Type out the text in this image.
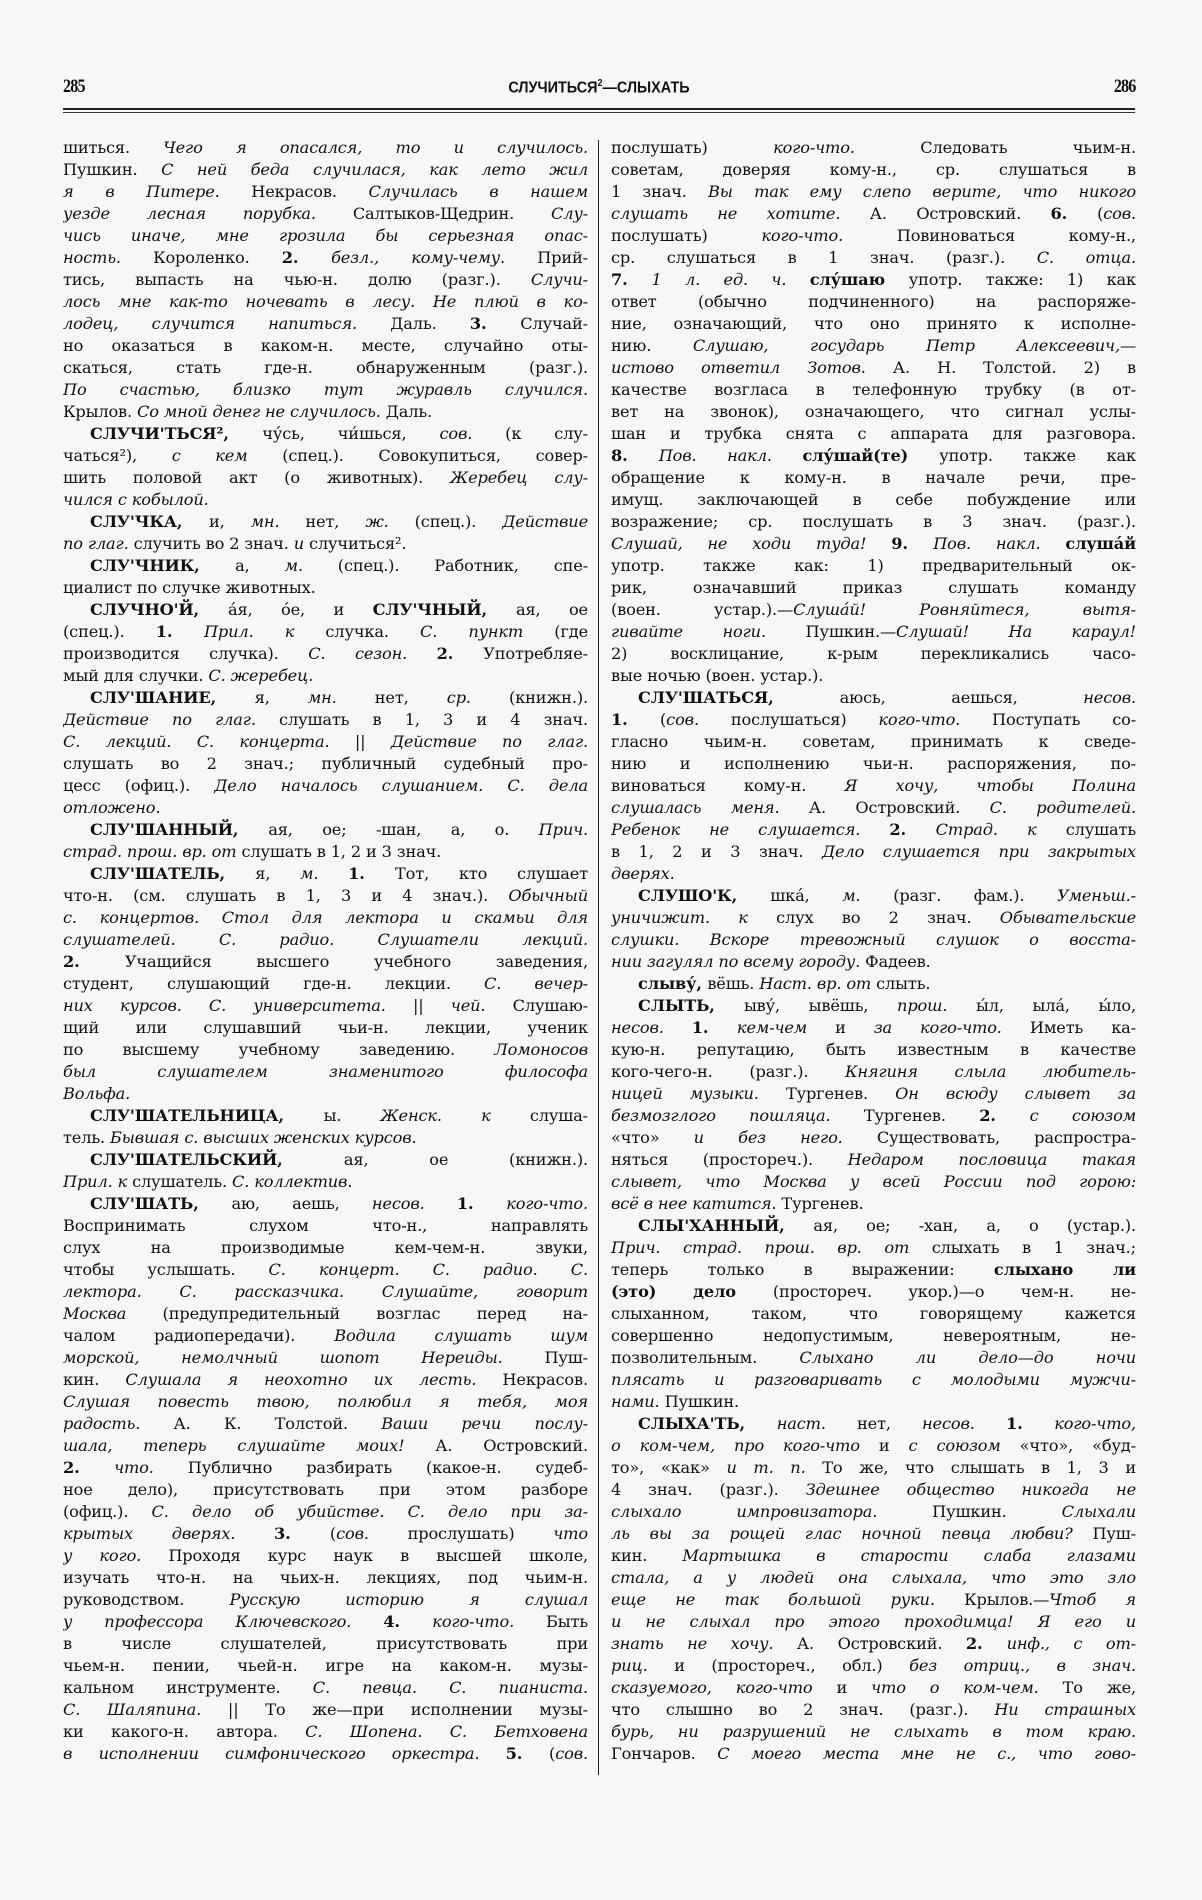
285	СЛУЧИТЬСЯ$^2$—СЛЫХАТЬ	286
шиться. Чего я опасался, то и случилось.
Пушкин. С ней беда случилася, как лето жил
я в Питере. Некрасов. Случилась в нашем
уезде лесная порубка. Салтыков-Щедрин. Слу-
чись иначе, мне грозила бы серьезная опас-
ность. Короленко. 2. безл., кому-чему. Прий-
тись, выпасть на чью-н. долю (разг.). Случи-
лось мне как-то ночевать в лесу. Не плюй в ко-
лодец, случится напиться. Даль. 3. Случай-
но оказаться в каком-н. месте, случайно оты-
скаться, стать где-н. обнаруженным (разг.).
По счастью, близко тут журавль случился.
Крылов. Со мной денег не случилось. Даль.
СЛУЧИ'ТЬСЯ², чу́сь, чи́шься, сов. (к слу-
чаться²), с кем (спец.). Совокупиться, совер-
шить половой акт (о животных). Жеребец слу-
чился с кобылой.
СЛУ'ЧКА, и, мн. нет, ж. (спец.). Действие
по глаг. случить во 2 знач. и случиться².
СЛУ'ЧНИК, а, м. (спец.). Работник, спе-
циалист по случке животных.
СЛУЧНО'Й, а́я, о́е, и СЛУ'ЧНЫЙ, ая, ое
(спец.). 1. Прил. к случка. С. пункт (где
производится случка). С. сезон. 2. Употребляе-
мый для случки. С. жеребец.
СЛУ'ШАНИЕ, я, мн. нет, ср. (книжн.).
Действие по глаг. слушать в 1, 3 и 4 знач.
С. лекций. С. концерта. || Действие по глаг.
слушать во 2 знач.; публичный судебный про-
цесс (офиц.). Дело началось слушанием. С. дела
отложено.
СЛУ'ШАННЫЙ, ая, ое; -шан, а, о. Прич.
страд. прош. вр. от слушать в 1, 2 и 3 знач.
СЛУ'ШАТЕЛЬ, я, м. 1. Тот, кто слушает
что-н. (см. слушать в 1, 3 и 4 знач.). Обычный
с. концертов. Стол для лектора и скамьи для
слушателей. С. радио. Слушатели лекций.
2. Учащийся высшего учебного заведения,
студент, слушающий где-н. лекции. С. вечер-
них курсов. С. университета. || чей. Слушаю-
щий или слушавший чьи-н. лекции, ученик
по высшему учебному заведению. Ломоносов
был слушателем знаменитого философа
Вольфа.
СЛУ'ШАТЕЛЬНИЦА, ы. Женск. к слуша-
тель. Бывшая с. высших женских курсов.
СЛУ'ШАТЕЛЬСКИЙ, ая, ое (книжн.).
Прил. к слушатель. С. коллектив.
СЛУ'ШАТЬ, аю, аешь, несов. 1. кого-что.
Воспринимать слухом что-н., направлять
слух на производимые кем-чем-н. звуки,
чтобы услышать. С. концерт. С. радио. С.
лектора. С. рассказчика. Слушайте, говорит
Москва (предупредительный возглас перед на-
чалом радиопередачи). Водила слушать шум
морской, немолчный шопот Нереиды. Пуш-
кин. Слушала я неохотно их лесть. Некрасов.
Слушая повесть твою, полюбил я тебя, моя
радость. А. К. Толстой. Ваши речи послу-
шала, теперь слушайте моих! А. Островский.
2. что. Публично разбирать (какое-н. судеб-
ное дело), присутствовать при этом разборе
(офиц.). С. дело об убийстве. С. дело при за-
крытых дверях. 3. (сов. прослушать) что
у кого. Проходя курс наук в высшей школе,
изучать что-н. на чьих-н. лекциях, под чьим-н.
руководством. Русскую историю я слушал
у профессора Ключевского. 4. кого-что. Быть
в числе слушателей, присутствовать при
чьем-н. пении, чьей-н. игре на каком-н. музы-
кальном инструменте. С. певца. С. пианиста.
С. Шаляпина. || То же—при исполнении музы-
ки какого-н. автора. С. Шопена. С. Бетховена
в исполнении симфонического оркестра. 5. (сов.
послушать) кого-что. Следовать чьим-н.
советам, доверяя кому-н., ср. слушаться в
1 знач. Вы так ему слепо верите, что никого
слушать не хотите. А. Островский. 6. (сов.
послушать) кого-что. Повиноваться кому-н.,
ср. слушаться в 1 знач. (разг.). С. отца.
7. 1 л. ед. ч. слу́шаю употр. также: 1) как
ответ (обычно подчиненного) на распоряже-
ние, означающий, что оно принято к исполне-
нию. Слушаю, государь Петр Алексеевич,—
истово ответил Зотов. А. Н. Толстой. 2) в
качестве возгласа в телефонную трубку (в от-
вет на звонок), означающего, что сигнал услы-
шан и трубка снята с аппарата для разговора.
8. Пов. накл. слу́шай(те) употр. также как
обращение к кому-н. в начале речи, пре-
имущ. заключающей в себе побуждение или
возражение; ср. послушать в 3 знач. (разг.).
Слушай, не ходи туда! 9. Пов. накл. слуша́й
употр. также как: 1) предварительный ок-
рик, означавший приказ слушать команду
(воен. устар.).—Слуша́й! Ровняйтеся, вытя-
гивайте ноги. Пушкин.—Слушай! На караул!
2) восклицание, к-рым перекликались часо-
вые ночью (воен. устар.).
СЛУ'ШАТЬСЯ, аюсь, аешься, несов.
1. (сов. послушаться) кого-что. Поступать со-
гласно чьим-н. советам, принимать к сведе-
нию и исполнению чьи-н. распоряжения, по-
виноваться кому-н. Я хочу, чтобы Полина
слушалась меня. А. Островский. С. родителей.
Ребенок не слушается. 2. Страд. к слушать
в 1, 2 и 3 знач. Дело слушается при закрытых
дверях.
СЛУШО'К, шка́, м. (разг. фам.). Уменьш.-
уничижит. к слух во 2 знач. Обывательские
слушки. Вскоре тревожный слушок о восста-
нии загулял по всему городу. Фадеев.
слыву́, вёшь. Наст. вр. от слыть.
СЛЫТЬ, ыву́, ывёшь, прош. ы́л, ыла́, ы́ло,
несов. 1. кем-чем и за кого-что. Иметь ка-
кую-н. репутацию, быть известным в качестве
кого-чего-н. (разг.). Княгиня слыла любитель-
ницей музыки. Тургенев. Он всюду слывет за
безмозглого пошляца. Тургенев. 2. с союзом
«что» и без него. Существовать, распростра-
няться (простореч.). Недаром пословица такая
слывет, что Москва у всей России под горою:
всё в нее катится. Тургенев.
СЛЫ'ХАННЫЙ, ая, ое; -хан, а, о (устар.).
Прич. страд. прош. вр. от слыхать в 1 знач.;
теперь только в выражении: слыхано ли
(это) дело (простореч. укор.)—о чем-н. не-
слыханном, таком, что говорящему кажется
совершенно недопустимым, невероятным, не-
позволительным. Слыхано ли дело—до ночи
плясать и разговаривать с молодыми мужчи-
нами. Пушкин.
СЛЫХА'ТЬ, наст. нет, несов. 1. кого-что,
о ком-чем, про кого-что и с союзом «что», «буд-
то», «как» и т. п. То же, что слышать в 1, 3 и
4 знач. (разг.). Здешнее общество никогда не
слыхало импровизатора. Пушкин. Слыхали
ль вы за рощей глас ночной певца любви? Пуш-
кин. Мартышка в старости слаба глазами
стала, а у людей она слыхала, что это зло
еще не так большой руки. Крылов.—Чтоб я
и не слыхал про этого проходимца! Я его и
знать не хочу. А. Островский. 2. инф., с от-
риц. и (простореч., обл.) без отриц., в знач.
сказуемого, кого-что и что о ком-чем. То же,
что слышно во 2 знач. (разг.). Ни страшных
бурь, ни разрушений не слыхать в том краю.
Гончаров. С моего места мне не с., что гово-
